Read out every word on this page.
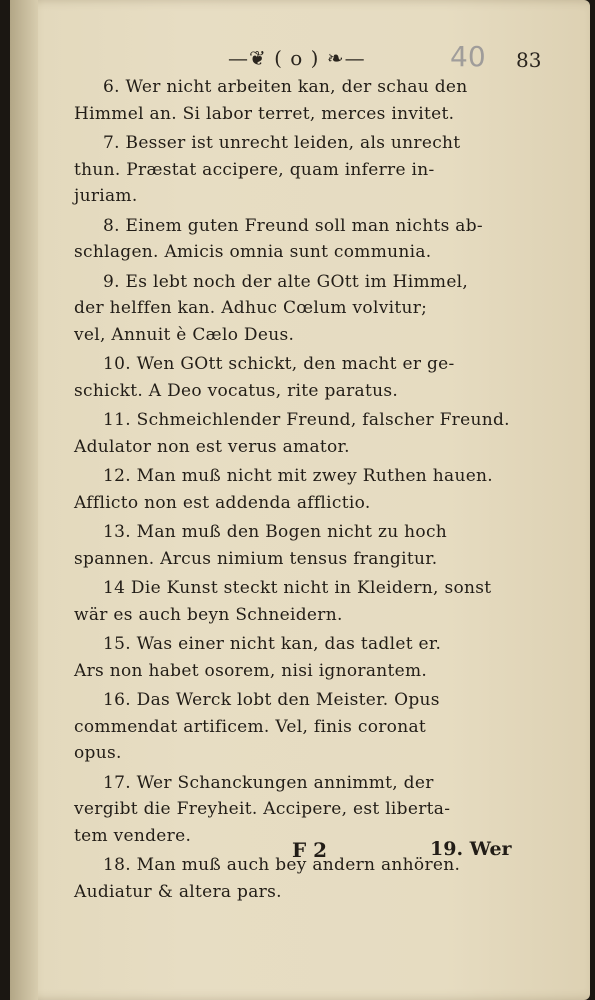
—❦ ( o ) ❧—	40 83
6. Wer nicht arbeiten kan, der schau den
Himmel an. Si labor terret, merces invitet.
7. Besser ist unrecht leiden, als unrecht
thun. Præstat accipere, quam inferre in-
juriam.
8. Einem guten Freund soll man nichts ab-
schlagen. Amicis omnia sunt communia.
9. Es lebt noch der alte GOtt im Himmel,
der helffen kan. Adhuc Cœlum volvitur;
vel, Annuit è Cælo Deus.
10. Wen GOtt schickt, den macht er ge-
schickt. A Deo vocatus, rite paratus.
11. Schmeichlender Freund, falscher Freund.
Adulator non est verus amator.
12. Man muß nicht mit zwey Ruthen hauen.
Afflicto non est addenda afflictio.
13. Man muß den Bogen nicht zu hoch
spannen. Arcus nimium tensus frangitur.
14 Die Kunst steckt nicht in Kleidern, sonst
wär es auch beyn Schneidern.
15. Was einer nicht kan, das tadlet er.
Ars non habet osorem, nisi ignorantem.
16. Das Werck lobt den Meister. Opus
commendat artificem. Vel, finis coronat
opus.
17. Wer Schanckungen annimmt, der
vergibt die Freyheit. Accipere, est liberta-
tem vendere.
18. Man muß auch bey andern anhören.
Audiatur & altera pars.
F 2	19. Wer
